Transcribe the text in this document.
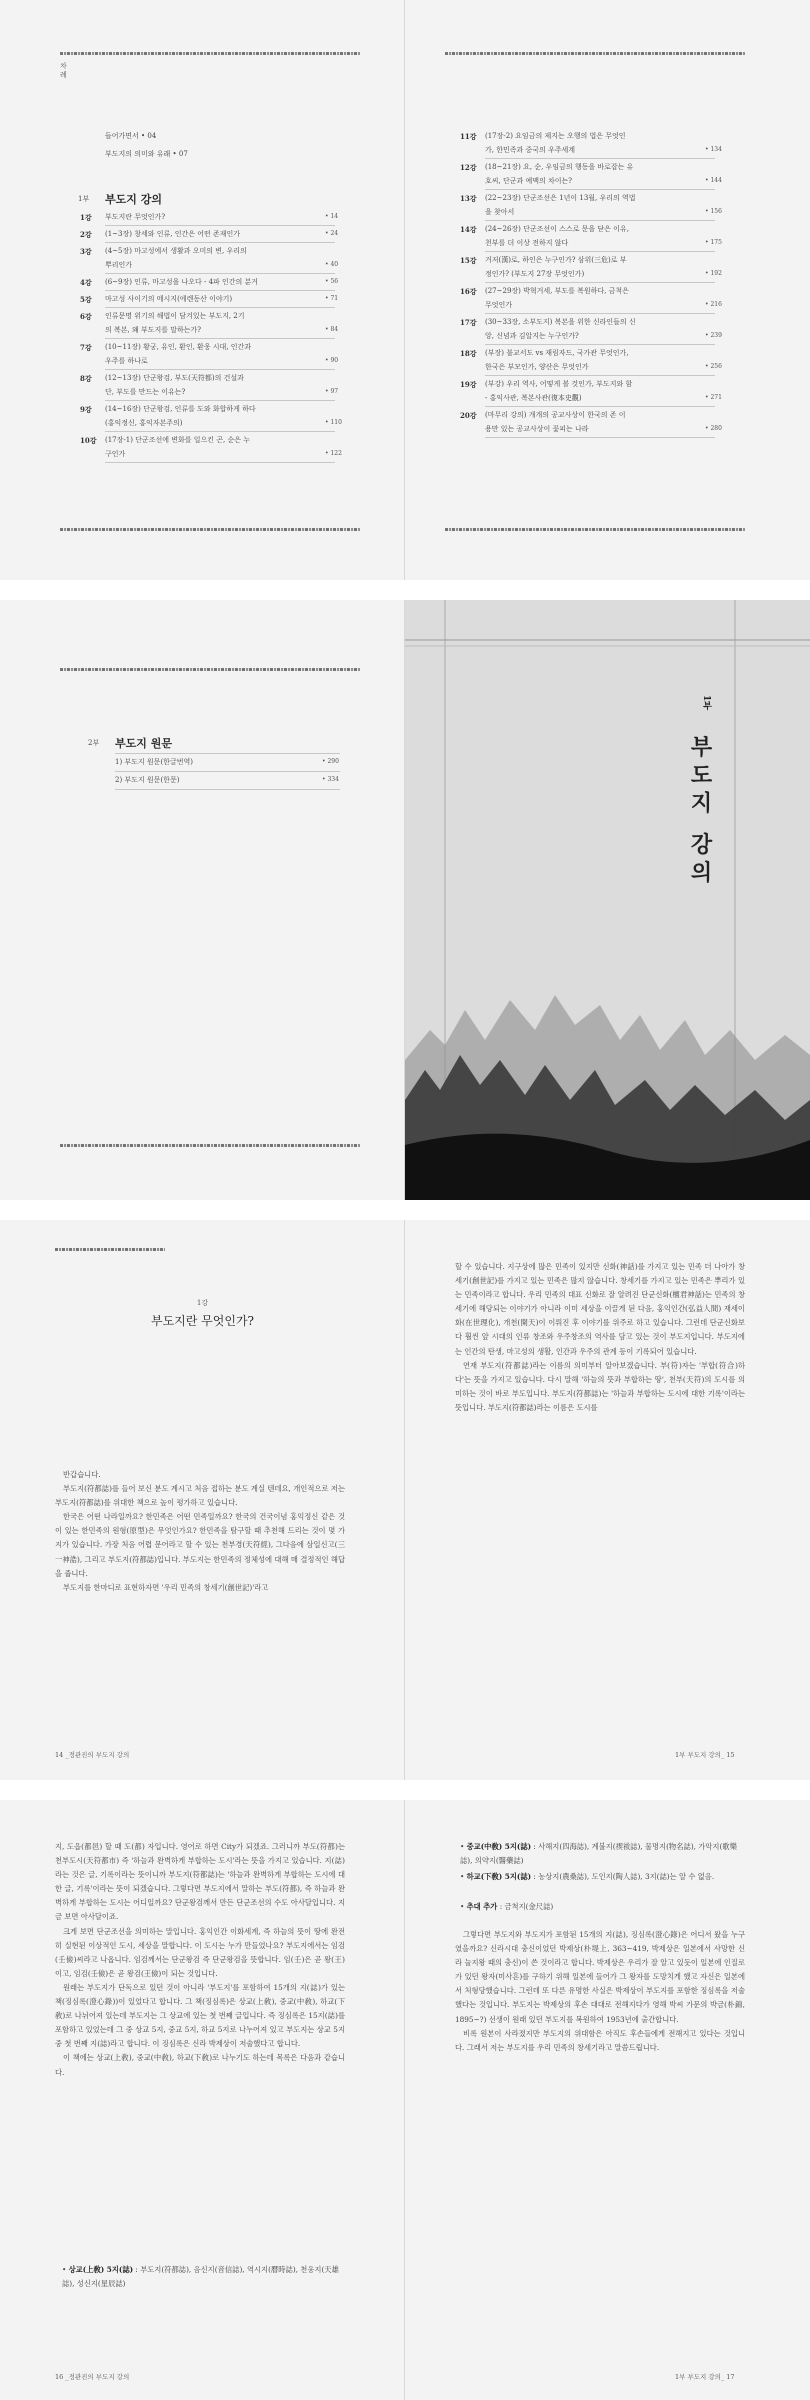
차
례
들어가면서 • 04
부도지의 의미와 유래 • 07
1부 부도지 강의
1강 부도지란 무엇인가?	• 14
2강 (1~3장) 창세와 인류, 인간은 어떤 존재인가	• 24
3강 (4~5장) 마고성에서 생활과 오미의 변, 우리의
뿌리인가	• 40
4강 (6~9장) 인류, 마고성을 나오다 - 4파 인간의 분거	• 56
5강 마고성 사이기의 메시지(에렌동산 이야기)	• 71
6강 인류문명 위기의 해법이 담겨있는 부도지, 2기
의 복본, 왜 부도지를 말하는가?	• 84
7강 (10~11장) 황궁, 유인, 환인, 환웅 시대, 인간과
우주를 하나로	• 90
8강 (12~13장) 단군왕검, 부도(天符都)의 건설과
단, 부도를 만드는 이유는?	• 97
9강 (14~16장) 단군왕검, 인류를 도와 화합하게 하다
(홍익정신, 홍익자본주의)	• 110
10강 (17장-1) 단군조선에 변화를 일으킨 곤, 순은 누
구인가	• 122
11강 (17장-2) 요임금의 제지는 오행의 법은 무엇인
가, 한민족과 중국의 우주세계	• 134
12강 (18~21장) 요, 순, 우임금의 행동을 바로잡는 유
호씨, 단군과 예맥의 차이는?	• 144
13강 (22~23장) 단군조선은 1년이 13월, 우리의 역법
을 찾아서	• 156
14강 (24~26장) 단군조선이 스스로 문을 닫은 이유,
천부를 더 이상 전하지 않다	• 175
15강 거저(漢)로, 하인은 누구인가? 삼위(三危)로 부
정인가? (부도지 27장 무엇인가)	• 192
16강 (27~29장) 박혁거세, 부도를 복원하다, 금척은
무엇인가	• 216
17강 (30~33장, 소부도지) 복본을 위한 신라인들의 신
앙, 신념과 김알지는 누구인가?	• 239
18강 (부장) 불교서도 vs 재림자드, 국가관 무엇인가,
한국은 부모인가, 양산은 무엇인가	• 256
19강 (부강) 우리 역사, 어떻게 볼 것인가, 부도지와 함
- 홍익사관, 복본사관(復本史觀)	• 271
20강 (마무리 강의) 개개의 공교사상이 한국의 존 이
용만 있는 공교사상이 꽃피는 나라	• 280
2부 부도지 원문
1) 부도지 원문(한글번역)	• 290
2) 부도지 원문(한문)	• 334
1부
부도지 강의
1강
부도지란 무엇인가?

반갑습니다.

부도지(符都誌)를 들어 보신 분도 계시고 처음 접하는 분도 계실 텐데요, 개인적으로 저는 부도지(符都誌)를 위대한 책으로 높이 평가하고 있습니다.

한국은 어떤 나라일까요? 한민족은 어떤 민족일까요? 한국의 건국이념 홍익정신 같은 것이 있는 한민족의 원형(原型)은 무엇인가요? 한민족을 탐구할 때 추천해 드리는 것이 몇 가지가 있습니다. 가장 처음 어렵 문어라고 할 수 있는 천부경(天符經), 그다음에 삼일신고(三一神誥), 그리고 부도지(符都誌)입니다. 부도지는 한민족의 정체성에 대해 매 결정적인 해답을 줍니다.

부도지를 한마디로 표현하자면 '우리 민족의 창세기(創世記)'라고

14 _정관진의 부도지 강의

할 수 있습니다. 지구상에 많은 민족이 있지만 신화(神話)를 가지고 있는 민족 더 나아가 창세기(創世記)를 가지고 있는 민족은 많지 않습니다. 창세기를 가지고 있는 민족은 뿌리가 있는 민족이라고 합니다. 우리 민족의 대표 신화로 잘 알려진 단군신화(檀君神話)는 민족의 창세기에 해당되는 이야기가 아니라 이미 세상을 이끌게 된 다음, 홍익인간(弘益人間) 재세이화(在世理化), 개천(開天)이 이뤄진 후 이야기를 위주로 하고 있습니다. 그런데 단군신화보다 훨씬 앞 시대의 인류 창조와 우주창조의 역사를 담고 있는 것이 부도지입니다. 부도지에는 인간의 탄생, 마고성의 생활, 인간과 우주의 관계 등이 기록되어 있습니다.

연재 부도지(符都誌)라는 이름의 의미부터 알아보겠습니다. 부(符)자는 '부합(符合)하다'는 뜻을 가지고 있습니다. 다시 말해 '하늘의 뜻과 부합하는 땅', 천부(天符)의 도시를 의미하는 것이 바로 부도입니다. 부도지(符都誌)는 '하늘과 부합하는 도시에 대한 기록'이라는 뜻입니다. 부도지(符都誌)라는 이름은 도시를

1부 부도지 강의_ 15

지, 도읍(都邑) 할 때 도(都) 자입니다. 영어로 하면 City가 되겠죠. 그러니까 부도(符都)는 천부도시(天符都市) 즉 '하늘과 완벽하게 부합하는 도시'라는 뜻을 가지고 있습니다. 지(誌)라는 것은 글, 기록이라는 뜻이니까 부도지(符都誌)는 '하늘과 완벽하게 부합하는 도시에 대한 글, 기록'이라는 뜻이 되겠습니다. 그렇다면 부도지에서 말하는 부도(符都), 즉 하늘과 완벽하게 부합하는 도시는 어디일까요? 단군왕검께서 만든 단군조선의 수도 아사달입니다. 지금 보면 아사달이죠.

크게 보면 단군조선을 의미하는 말입니다. 홍익인간 이화세계, 즉 하늘의 뜻이 땅에 완전히 실현된 이상적인 도시, 세상을 말합니다. 이 도시는 누가 만들었나요? 부도지에서는 임검(壬儉)씨라고 나옵니다. 임검께서는 단군왕검 즉 단군왕검을 뜻합니다. 임(壬)은 곧 왕(王)이고, 임검(壬儉)은 곧 왕검(王儉)이 되는 것입니다.

원래는 부도지가 단독으로 있던 것이 아니라 '부도지'를 포함하여 15개의 지(誌)가 있는 책(징심록(澄心錄))이 있었다고 합니다. 그 책(징심록)은 상교(上敎), 중교(中敎), 하교(下敎)로 나뉘어져 있는데 부도지는 그 상교에 있는 첫 번째 글입니다. 즉 징심록은 15지(誌)를 포함하고 있었는데 그 중 상교 5지, 중교 5지, 하교 5지로 나누어져 있고 부도지는 상교 5지 중 첫 번째 지(誌)라고 합니다. 이 징심록은 신라 박제상이 저술했다고 합니다.

이 책에는 상교(上敎), 중교(中敎), 하교(下敎)로 나누기도 하는데 목록은 다음과 같습니다.

• 상교(上敎) 5지(誌) : 부도지(符都誌), 음신지(音信誌), 역시지(曆時誌), 천웅지(天雄誌), 성신지(星辰誌)
16 _정관진의 부도지 강의
• 중교(中敎) 5지(誌) : 사해지(四海誌), 계불지(禊祓誌), 물명지(物名誌), 가악지(歌樂誌), 의약지(醫藥誌)
• 하교(下敎) 5지(誌) : 농상지(農桑誌), 도인지(陶人誌), 3지(誌)는 알 수 없음.
• 추대 추가 : 금척지(金尺誌)

그렇다면 부도지와 부도지가 포함된 15개의 지(誌), 징심록(澄心錄)은 어디서 왔을 누구였을까요? 신라시대 충신이었던 박제상(朴堤上, 363~419, 박제상은 일본에서 사망한 신라 눌지왕 때의 충신)이 쓴 것이라고 합니다. 박제상은 우리가 잘 알고 있듯이 일본에 인질로 가 있던 왕자(미사흔)를 구하기 위해 일본에 들어가 그 왕자를 도망치게 했고 자신은 일본에서 처형당했습니다. 그런데 또 다른 유명한 사실은 박제상이 부도지를 포함한 징심록을 저술했다는 것입니다. 부도지는 박제상의 후손 대대로 전해지다가 영해 박씨 가문의 박금(朴錦, 1895~?) 선생이 원래 있던 부도지를 복원하여 1953년에 출간합니다.

비록 원본이 사라졌지만 부도지의 위대함은 아직도 후손들에게 전해지고 있다는 것입니다. 그래서 저는 부도지를 우리 민족의 창세기라고 말씀드립니다.

1부 부도지 강의_ 17
